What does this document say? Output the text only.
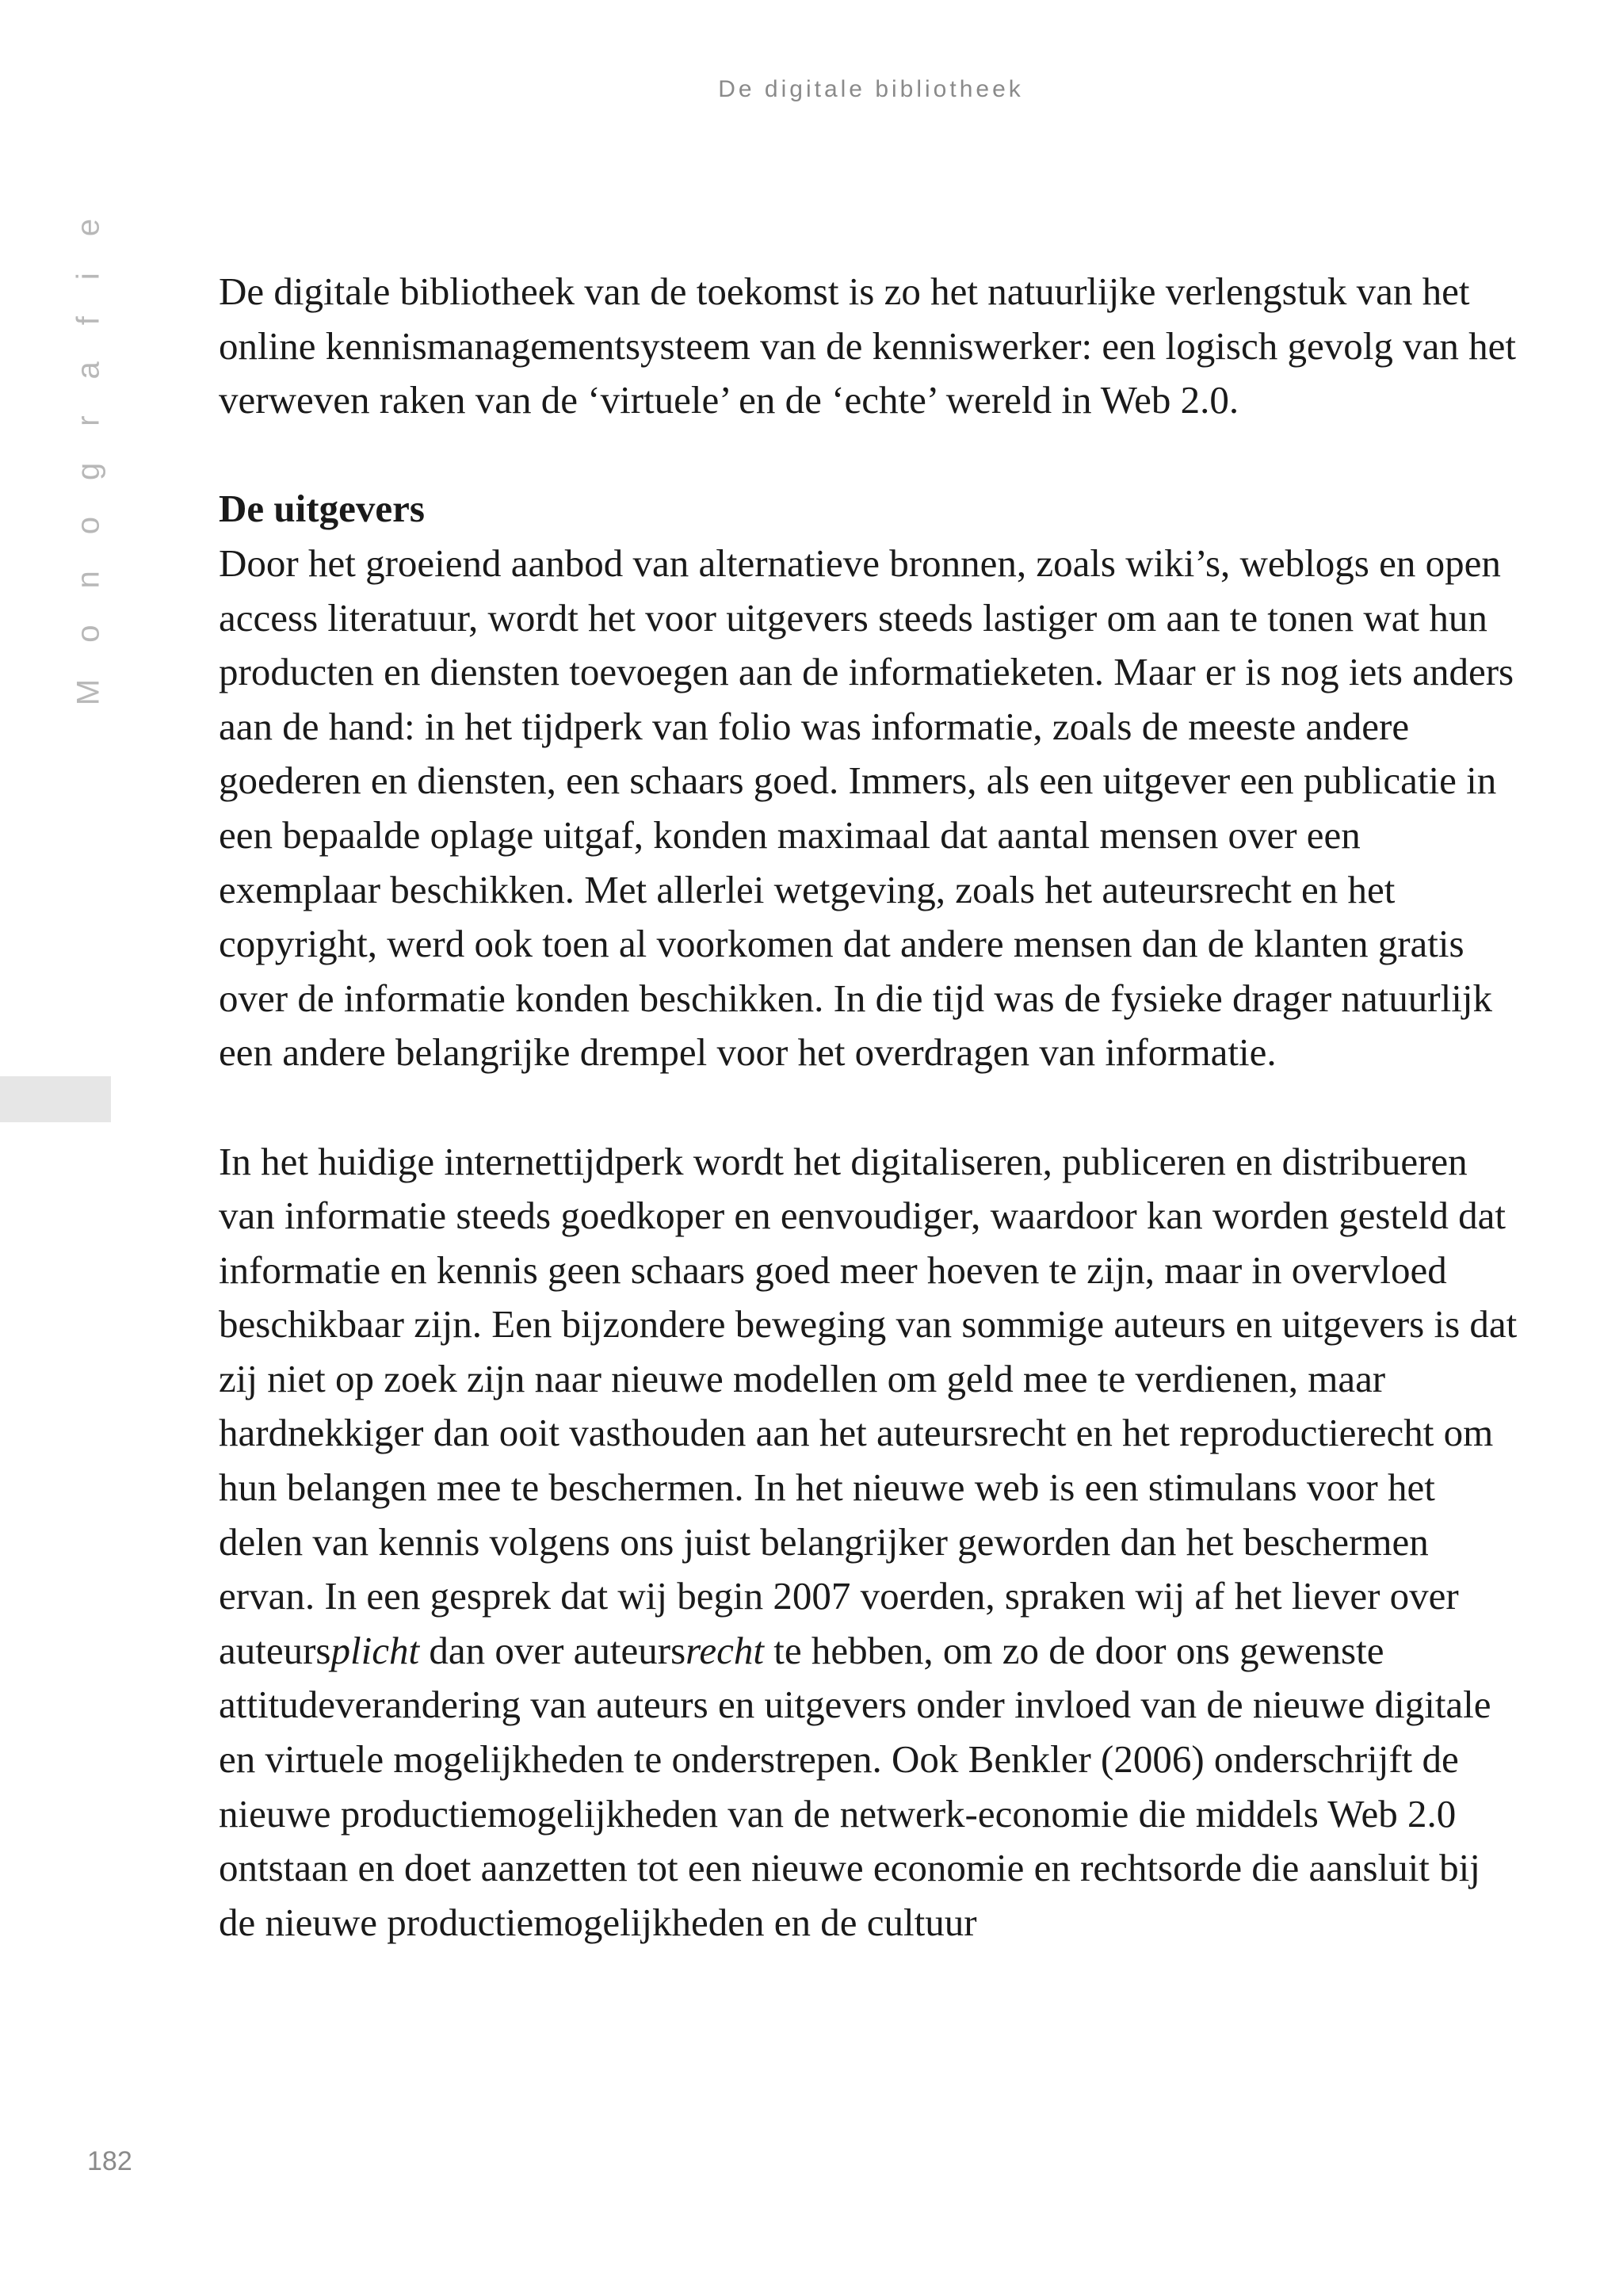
De digitale bibliotheek
Monografie	De digitale bibliotheek van de toekomst is zo het natuurlijke verlengstuk van het online kennismanagementsysteem van de kenniswerker: een logisch gevolg van het verweven raken van de ‘virtuele’ en de ‘echte’ wereld in Web 2.0.

De uitgevers

Door het groeiend aanbod van alternatieve bronnen, zoals wiki’s, weblogs en open access literatuur, wordt het voor uitgevers steeds lastiger om aan te tonen wat hun producten en diensten toevoegen aan de informatieketen. Maar er is nog iets anders aan de hand: in het tijdperk van folio was informatie, zoals de meeste andere goederen en diensten, een schaars goed. Immers, als een uitgever een publicatie in een bepaalde oplage uitgaf, konden maximaal dat aantal mensen over een exemplaar beschikken. Met allerlei wetgeving, zoals het auteursrecht en het copyright, werd ook toen al voorkomen dat andere mensen dan de klanten gratis over de informatie konden beschikken. In die tijd was de fysieke drager natuurlijk een andere belangrijke drempel voor het overdragen van informatie.

In het huidige internettijdperk wordt het digitaliseren, publiceren en distribueren van informatie steeds goedkoper en eenvoudiger, waardoor kan worden gesteld dat informatie en kennis geen schaars goed meer hoeven te zijn, maar in overvloed beschikbaar zijn. Een bijzondere beweging van sommige auteurs en uitgevers is dat zij niet op zoek zijn naar nieuwe modellen om geld mee te verdienen, maar hardnekkiger dan ooit vasthouden aan het auteursrecht en het reproductierecht om hun belangen mee te beschermen. In het nieuwe web is een stimulans voor het delen van kennis volgens ons juist belangrijker geworden dan het beschermen ervan. In een gesprek dat wij begin 2007 voerden, spraken wij af het liever over auteursplicht dan over auteursrecht te hebben, om zo de door ons gewenste attitudeverandering van auteurs en uitgevers onder invloed van de nieuwe digitale en virtuele mogelijkheden te onderstrepen. Ook Benkler (2006) onderschrijft de nieuwe productiemogelijkheden van de netwerk-economie die middels Web 2.0 ontstaan en doet aanzetten tot een nieuwe economie en rechtsorde die aansluit bij de nieuwe productiemogelijkheden en de cultuur

182
